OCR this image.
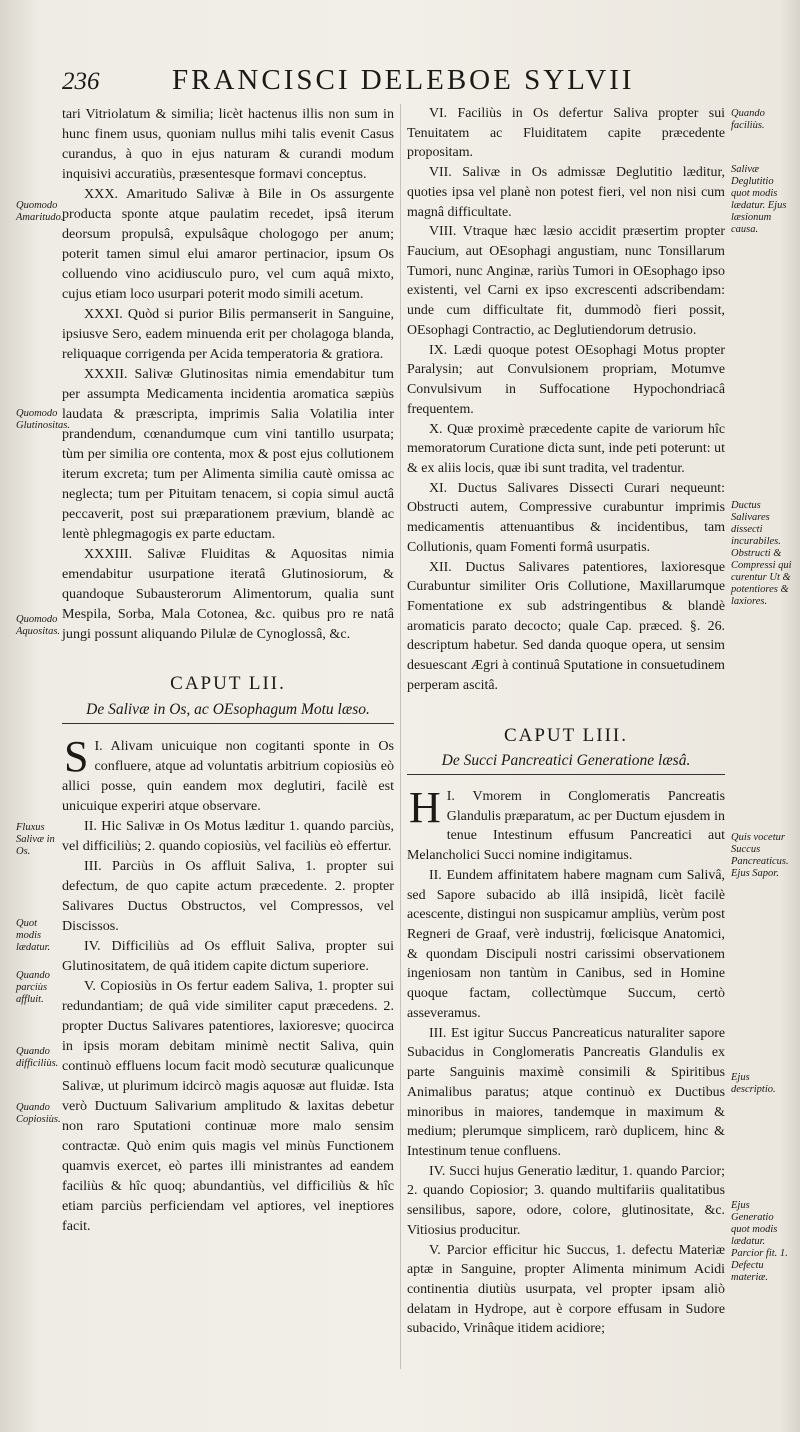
236	FRANCISCI DELEBOE SYLVII

tari Vitriolatum & similia; licèt hactenus illis non sum in hunc finem usus, quoniam nullus mihi talis evenit Casus curandus, à quo in ejus naturam & curandi modum inquisivi accuratiùs, præsentesque formavi conceptus.

XXX. Amaritudo Salivæ à Bile in Os assurgente producta sponte atque paulatim recedet, ipsâ iterum deorsum propulsâ, expulsâque chologogo per anum; poterit tamen simul elui amaror pertinacior, ipsum Os colluendo vino acidiusculo puro, vel cum aquâ mixto, cujus etiam loco usurpari poterit modo simili acetum.

XXXI. Quòd si purior Bilis permanserit in Sanguine, ipsiusve Sero, eadem minuenda erit per cholagoga blanda, reliquaque corrigenda per Acida temperatoria & gratiora.

XXXII. Salivæ Glutinositas nimia emendabitur tum per assumpta Medicamenta incidentia aromatica sæpiùs laudata & præscripta, imprimis Salia Volatilia inter prandendum, cœnandumque cum vini tantillo usurpata; tùm per similia ore contenta, mox & post ejus collutionem iterum excreta; tum per Alimenta similia cautè omissa ac neglecta; tum per Pituitam tenacem, si copia simul auctâ peccaverit, post sui præparationem prævium, blandè ac lentè phlegmagogis ex parte eductam.

XXXIII. Salivæ Fluiditas & Aquositas nimia emendabitur usurpatione iteratâ Glutinosiorum, & quandoque Subausterorum Alimentorum, qualia sunt Mespila, Sorba, Mala Cotonea, &c. quibus pro re natâ jungi possunt aliquando Pilulæ de Cynoglossâ, &c.

CAPUT LII.
De Salivæ in Os, ac OEsophagum Motu læso.
S I. Alivam unicuique non cogitanti sponte in Os confluere, atque ad voluntatis arbitrium copiosiùs eò allici posse, quin eandem mox deglutiri, facilè est unicuique experiri atque observare.

II. Hic Salivæ in Os Motus læditur 1. quando parciùs, vel difficiliùs; 2. quando copiosiùs, vel faciliùs eò effertur.

III. Parciùs in Os affluit Saliva, 1. propter sui defectum, de quo capite actum præcedente. 2. propter Salivares Ductus Obstructos, vel Compressos, vel Discissos.

IV. Difficiliùs ad Os effluit Saliva, propter sui Glutinositatem, de quâ itidem capite dictum superiore.

V. Copiosiùs in Os fertur eadem Saliva, 1. propter sui redundantiam; de quâ vide similiter caput præcedens. 2. propter Ductus Salivares patentiores, laxioresve; quocirca in ipsis moram debitam minimè nectit Saliva, quin continuò effluens locum facit modò secuturæ qualicunque Salivæ, ut plurimum idcircò magis aquosæ aut fluidæ. Ista verò Ductuum Salivarium amplitudo & laxitas debetur non raro Sputationi continuæ more malo sensim contractæ. Quò enim quis magis vel minùs Functionem quamvis exercet, eò partes illi ministrantes ad eandem faciliùs & hîc quoq; abundantiùs, vel difficiliùs & hîc etiam parciùs perficiendam vel aptiores, vel ineptiores facit.

VI. Faciliùs in Os defertur Saliva propter sui Tenuitatem ac Fluiditatem capite præcedente propositam.

VII. Salivæ in Os admissæ Deglutitio læditur, quoties ipsa vel planè non potest fieri, vel non nisi cum magnâ difficultate.

VIII. Vtraque hæc læsio accidit præsertim propter Faucium, aut OEsophagi angustiam, nunc Tonsillarum Tumori, nunc Anginæ, rariùs Tumori in OEsophago ipso existenti, vel Carni ex ipso excrescenti adscribendam: unde cum difficultate fit, dummodò fieri possit, OEsophagi Contractio, ac Deglutiendorum detrusio.

IX. Lædi quoque potest OEsophagi Motus propter Paralysin; aut Convulsionem propriam, Motumve Convulsivum in Suffocatione Hypochondriacâ frequentem.

X. Quæ proximè præcedente capite de variorum hîc memoratorum Curatione dicta sunt, inde peti poterunt: ut & ex aliis locis, quæ ibi sunt tradita, vel tradentur.

XI. Ductus Salivares Dissecti Curari nequeunt: Obstructi autem, Compressive curabuntur imprimis medicamentis attenuantibus & incidentibus, tam Collutionis, quam Fomenti formâ usurpatis.

XII. Ductus Salivares patentiores, laxioresque Curabuntur similiter Oris Collutione, Maxillarumque Fomentatione ex sub adstringentibus & blandè aromaticis parato decocto; quale Cap. præced. §. 26. descriptum habetur. Sed danda quoque opera, ut sensim desuescant Ægri à continuâ Sputatione in consuetudinem perperam ascitâ.

CAPUT LIII.
De Succi Pancreatici Generatione læsâ.
H I. Vmorem in Conglomeratis Pancreatis Glandulis præparatum, ac per Ductum ejusdem in tenue Intestinum effusum Pancreatici aut Melancholici Succi nomine indigitamus.

II. Eundem affinitatem habere magnam cum Salivâ, sed Sapore subacido ab illâ insipidâ, licèt facilè acescente, distingui non suspicamur ampliùs, verùm post Regneri de Graaf, verè industrij, fœlicisque Anatomici, & quondam Discipuli nostri carissimi observationem ingeniosam non tantùm in Canibus, sed in Homine quoque factam, collectùmque Succum, certò asseveramus.

III. Est igitur Succus Pancreaticus naturaliter sapore Subacidus in Conglomeratis Pancreatis Glandulis ex parte Sanguinis maximè consimili & Spiritibus Animalibus paratus; atque continuò ex Ductibus minoribus in maiores, tandemque in maximum & medium; plerumque simplicem, rarò duplicem, hinc & Intestinum tenue confluens.

IV. Succi hujus Generatio læditur, 1. quando Parcior; 2. quando Copiosior; 3. quando multifariis qualitatibus sensilibus, sapore, odore, colore, glutinositate, &c. Vitiosius producitur.

V. Parcior efficitur hic Succus, 1. defectu Materiæ aptæ in Sanguine, propter Alimenta minimum Acidi continentia diutiùs usurpata, vel propter ipsam aliò delatam in Hydrope, aut è corpore effusam in Sudore subacido, Vrinâque itidem acidiore;

Quomodo Amaritudo.
Quomodo Glutinositas.
Quomodo Aquositas.
Fluxus Salivæ in Os.
Quot modis lædatur.
Quando parciùs affluit.
Quando difficiliùs.
Quando Copiosiùs.
Quando faciliùs.
Salivæ Deglutitio quot modis lædatur. Ejus læsionum causa.
Ductus Salivares dissecti incurabiles. Obstructi & Compressi qui curentur Ut & potentiores & laxiores.
Quis vocetur Succus Pancreaticus. Ejus Sapor.
Ejus descriptio.
Ejus Generatio quot modis lædatur. Parcior fit. 1. Defectu materiæ.
